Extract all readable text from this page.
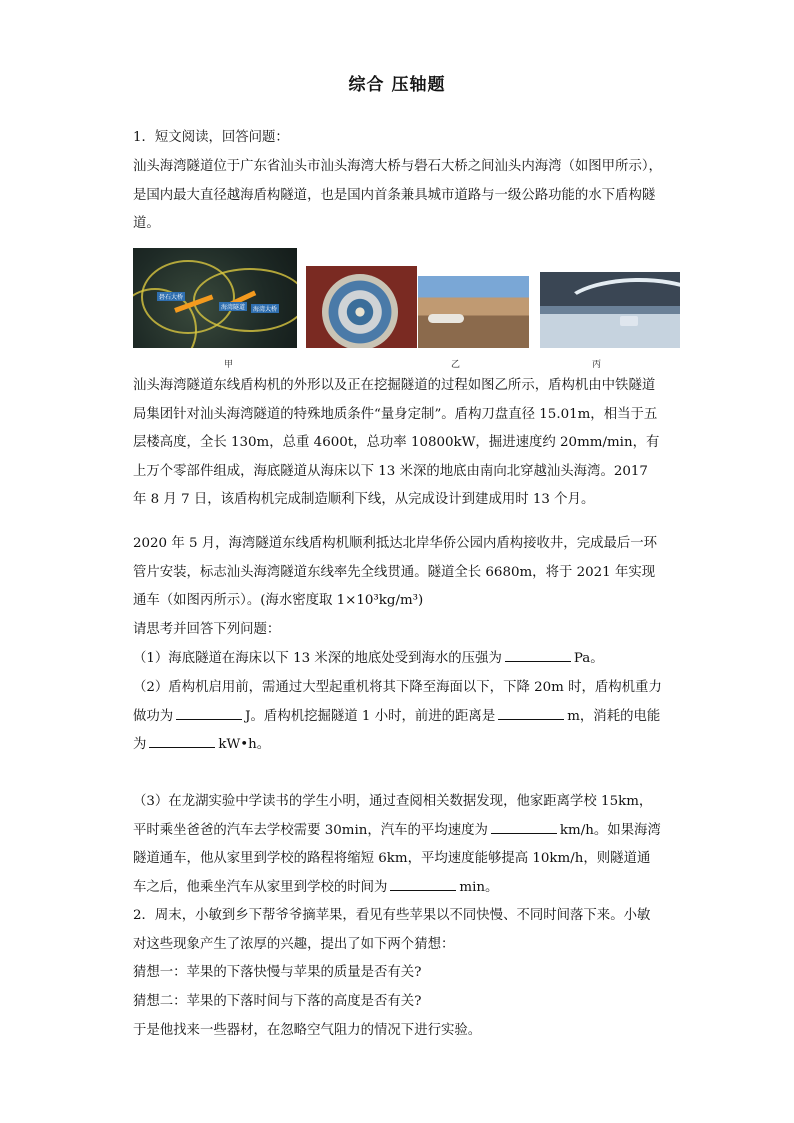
综合 压轴题

1．短文阅读，回答问题：

汕头海湾隧道位于广东省汕头市汕头海湾大桥与礐石大桥之间汕头内海湾（如图甲所示），是国内最大直径越海盾构隧道，也是国内首条兼具城市道路与一级公路功能的水下盾构隧道。

礐石大桥
海湾隧道	海湾大桥
甲	乙	丙

汕头海湾隧道东线盾构机的外形以及正在挖掘隧道的过程如图乙所示，盾构机由中铁隧道局集团针对汕头海湾隧道的特殊地质条件“量身定制”。盾构刀盘直径 15.01m，相当于五层楼高度，全长 130m，总重 4600t，总功率 10800kW，掘进速度约 20mm/min，有上万个零部件组成，海底隧道从海床以下 13 米深的地底由南向北穿越汕头海湾。2017 年 8 月 7 日，该盾构机完成制造顺利下线，从完成设计到建成用时 13 个月。

2020 年 5 月，海湾隧道东线盾构机顺利抵达北岸华侨公园内盾构接收井，完成最后一环管片安装，标志汕头海湾隧道东线率先全线贯通。隧道全长 6680m，将于 2021 年实现通车（如图丙所示）。(海水密度取 1×10³kg/m³)

请思考并回答下列问题：

（1）海底隧道在海床以下 13 米深的地底处受到海水的压强为	Pa。

（2）盾构机启用前，需通过大型起重机将其下降至海面以下，下降 20m 时，盾构机重力做功为	J。盾构机挖掘隧道 1 小时，前进的距离是	m，消耗的电能为	kW•h。

（3）在龙湖实验中学读书的学生小明，通过查阅相关数据发现，他家距离学校 15km，平时乘坐爸爸的汽车去学校需要 30min，汽车的平均速度为	km/h。如果海湾隧道通车，他从家里到学校的路程将缩短 6km，平均速度能够提高 10km/h，则隧道通车之后，他乘坐汽车从家里到学校的时间为	min。

2．周末，小敏到乡下帮爷爷摘苹果，看见有些苹果以不同快慢、不同时间落下来。小敏对这些现象产生了浓厚的兴趣，提出了如下两个猜想：

猜想一：苹果的下落快慢与苹果的质量是否有关?

猜想二：苹果的下落时间与下落的高度是否有关?

于是他找来一些器材，在忽略空气阻力的情况下进行实验。
